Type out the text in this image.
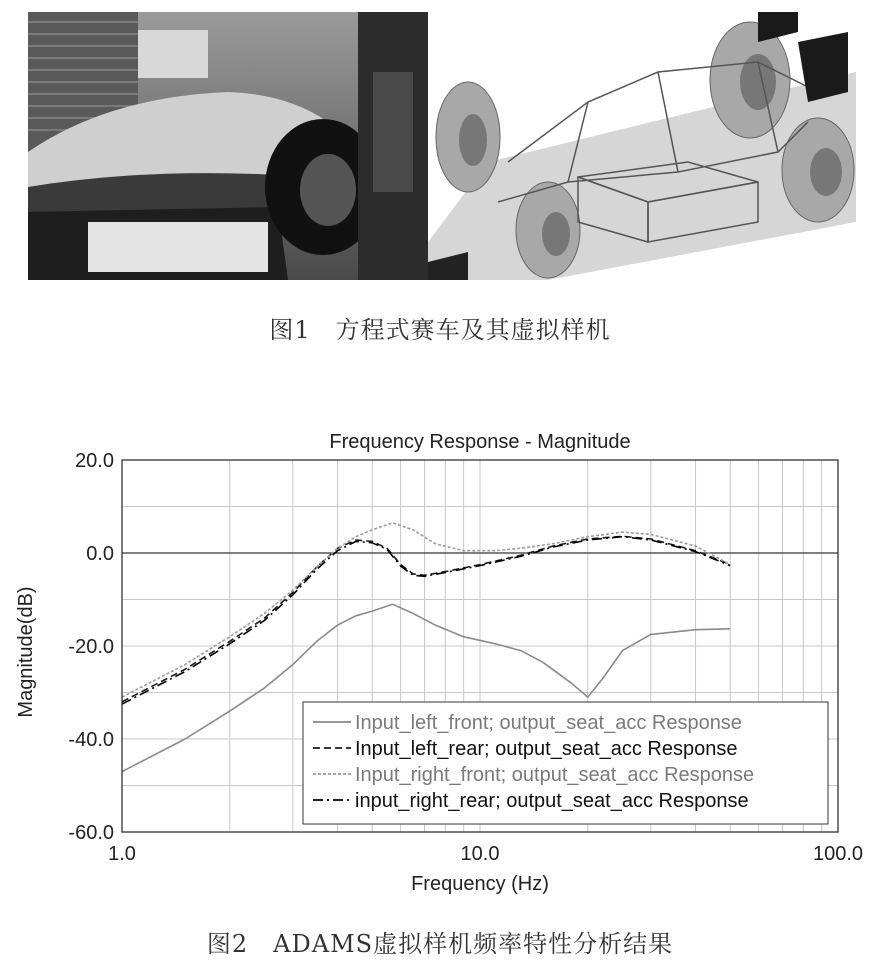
图1　方程式赛车及其虚拟样机
Frequency Response - Magnitude
Frequency (Hz)
Magnitude(dB)
20.0
0.0
-20.0
-40.0
-60.0
1.0	10.0	100.0
Input_left_front; output_seat_acc Response
Input_left_rear; output_seat_acc Response
Input_right_front; output_seat_acc Response
input_right_rear; output_seat_acc Response
图2　ADAMS虚拟样机频率特性分析结果
